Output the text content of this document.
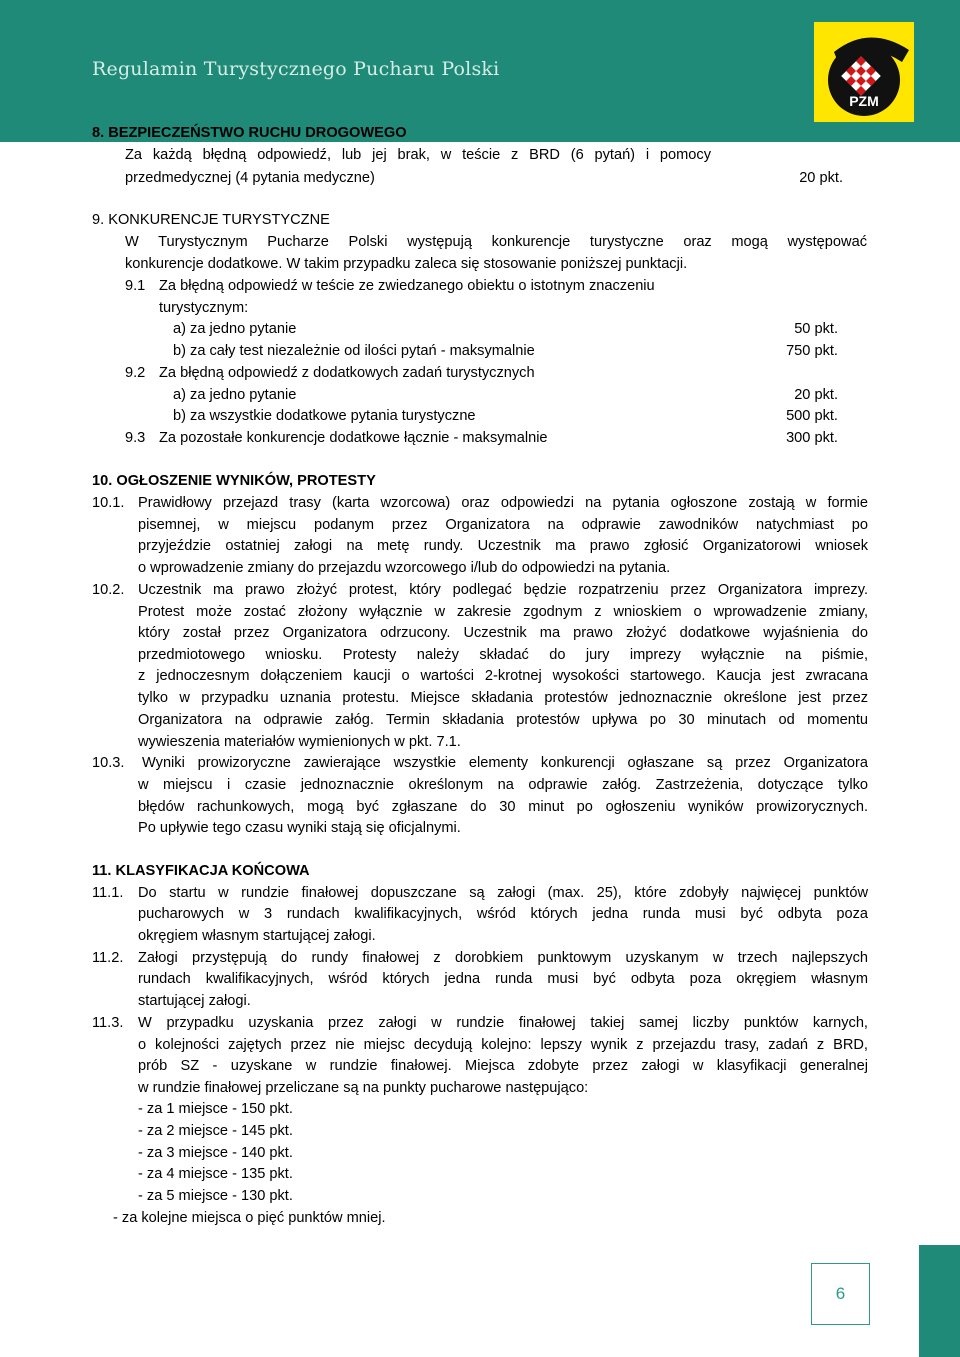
Regulamin Turystycznego Pucharu Polski
PZM
8. BEZPIECZEŃSTWO RUCHU DROGOWEGO
Za każdą błędną odpowiedź, lub jej brak, w teście z BRD (6 pytań) i pomocy
przedmedycznej (4 pytania medyczne)	20 pkt.
9. KONKURENCJE TURYSTYCZNE
W Turystycznym Pucharze Polski występują konkurencje turystyczne oraz mogą występować
konkurencje dodatkowe. W takim przypadku zaleca się stosowanie poniższej punktacji.
9.1 Za błędną odpowiedź w teście ze zwiedzanego obiektu o istotnym znaczeniu
turystycznym:
a) za jedno pytanie	50 pkt.
b) za cały test niezależnie od ilości pytań - maksymalnie	750 pkt.
9.2 Za błędną odpowiedź z dodatkowych zadań turystycznych
a) za jedno pytanie	20 pkt.
b) za wszystkie dodatkowe pytania turystyczne	500 pkt.
9.3 Za pozostałe konkurencje dodatkowe łącznie - maksymalnie	300 pkt.
10. OGŁOSZENIE WYNIKÓW, PROTESTY
10.1. Prawidłowy przejazd trasy (karta wzorcowa) oraz odpowiedzi na pytania ogłoszone zostają w formie
pisemnej, w miejscu podanym przez Organizatora na odprawie zawodników natychmiast po
przyjeździe ostatniej załogi na metę rundy. Uczestnik ma prawo zgłosić Organizatorowi wniosek
o wprowadzenie zmiany do przejazdu wzorcowego i/lub do odpowiedzi na pytania.
10.2. Uczestnik ma prawo złożyć protest, który podlegać będzie rozpatrzeniu przez Organizatora imprezy.
Protest może zostać złożony wyłącznie w zakresie zgodnym z wnioskiem o wprowadzenie zmiany,
który został przez Organizatora odrzucony. Uczestnik ma prawo złożyć dodatkowe wyjaśnienia do
przedmiotowego wniosku. Protesty należy składać do jury imprezy wyłącznie na piśmie,
z jednoczesnym dołączeniem kaucji o wartości 2-krotnej wysokości startowego. Kaucja jest zwracana
tylko w przypadku uznania protestu. Miejsce składania protestów jednoznacznie określone jest przez
Organizatora na odprawie załóg. Termin składania protestów upływa po 30 minutach od momentu
wywieszenia materiałów wymienionych w pkt. 7.1.
10.3. Wyniki prowizoryczne zawierające wszystkie elementy konkurencji ogłaszane są przez Organizatora
w miejscu i czasie jednoznacznie określonym na odprawie załóg. Zastrzeżenia, dotyczące tylko
błędów rachunkowych, mogą być zgłaszane do 30 minut po ogłoszeniu wyników prowizorycznych.
Po upływie tego czasu wyniki stają się oficjalnymi.
11. KLASYFIKACJA KOŃCOWA
11.1. Do startu w rundzie finałowej dopuszczane są załogi (max. 25), które zdobyły najwięcej punktów
pucharowych w 3 rundach kwalifikacyjnych, wśród których jedna runda musi być odbyta poza
okręgiem własnym startującej załogi.
11.2. Załogi przystępują do rundy finałowej z dorobkiem punktowym uzyskanym w trzech najlepszych
rundach kwalifikacyjnych, wśród których jedna runda musi być odbyta poza okręgiem własnym
startującej załogi.
11.3. W przypadku uzyskania przez załogi w rundzie finałowej takiej samej liczby punktów karnych,
o kolejności zajętych przez nie miejsc decydują kolejno: lepszy wynik z przejazdu trasy, zadań z BRD,
prób SZ - uzyskane w rundzie finałowej. Miejsca zdobyte przez załogi w klasyfikacji generalnej
w rundzie finałowej przeliczane są na punkty pucharowe następująco:
- za 1 miejsce - 150 pkt.
- za 2 miejsce - 145 pkt.
- za 3 miejsce - 140 pkt.
- za 4 miejsce - 135 pkt.
- za 5 miejsce - 130 pkt.
- za kolejne miejsca o pięć punktów mniej.
6
